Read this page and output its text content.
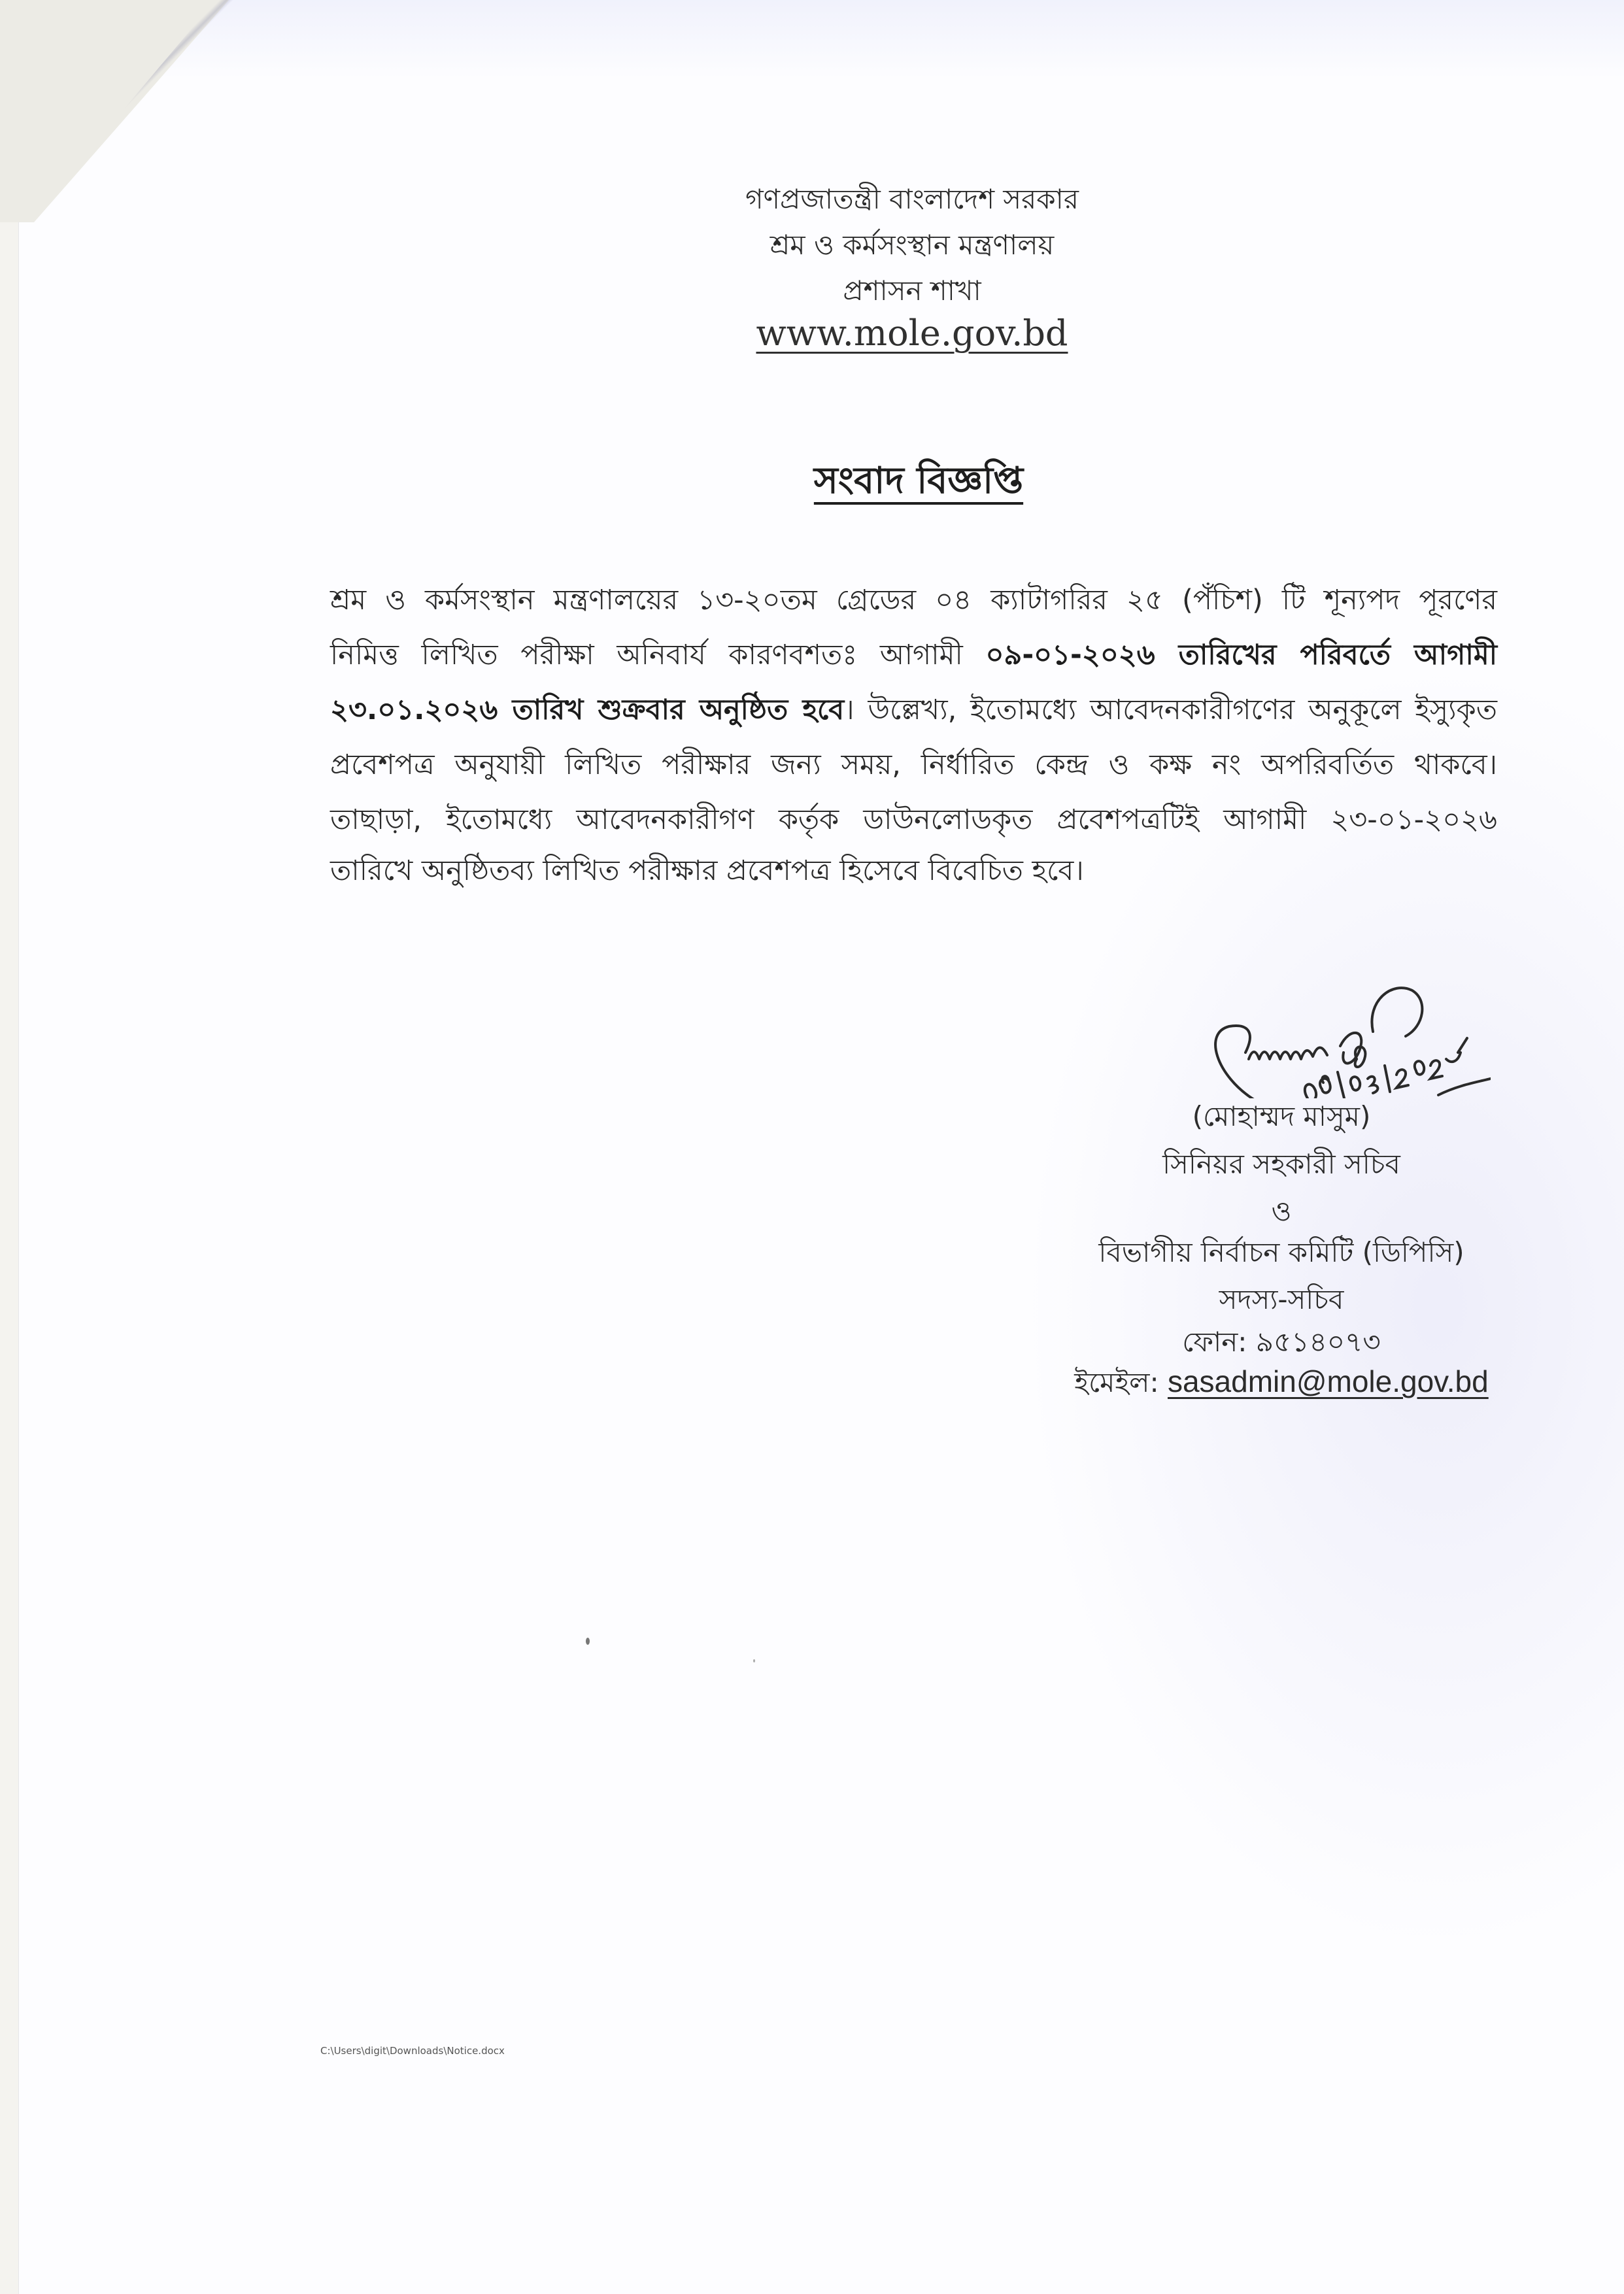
গণপ্রজাতন্ত্রী বাংলাদেশ সরকার
শ্রম ও কর্মসংস্থান মন্ত্রণালয়
প্রশাসন শাখা
www.mole.gov.bd
সংবাদ বিজ্ঞপ্তি
শ্রম ও কর্মসংস্থান মন্ত্রণালয়ের ১৩-২০তম গ্রেডের ০৪ ক্যাটাগরির ২৫ (পঁচিশ) টি শূন্যপদ পূরণের
নিমিত্ত লিখিত পরীক্ষা অনিবার্য কারণবশতঃ আগামী ০৯-০১-২০২৬ তারিখের পরিবর্তে আগামী
২৩.০১.২০২৬ তারিখ শুক্রবার অনুষ্ঠিত হবে। উল্লেখ্য, ইতোমধ্যে আবেদনকারীগণের অনুকূলে ইস্যুকৃত
প্রবেশপত্র অনুযায়ী লিখিত পরীক্ষার জন্য সময়, নির্ধারিত কেন্দ্র ও কক্ষ নং অপরিবর্তিত থাকবে।
তাছাড়া, ইতোমধ্যে আবেদনকারীগণ কর্তৃক ডাউনলোডকৃত প্রবেশপত্রটিই আগামী ২৩-০১-২০২৬
তারিখে অনুষ্ঠিতব্য লিখিত পরীক্ষার প্রবেশপত্র হিসেবে বিবেচিত হবে।
08/01/2026
(মোহাম্মদ মাসুম)
সিনিয়র সহকারী সচিব
ও
বিভাগীয় নির্বাচন কমিটি (ডিপিসি)
সদস্য-সচিব
ফোন: ৯৫১৪০৭৩
ইমেইল: sasadmin@mole.gov.bd
C:\Users\digit\Downloads\Notice.docx
